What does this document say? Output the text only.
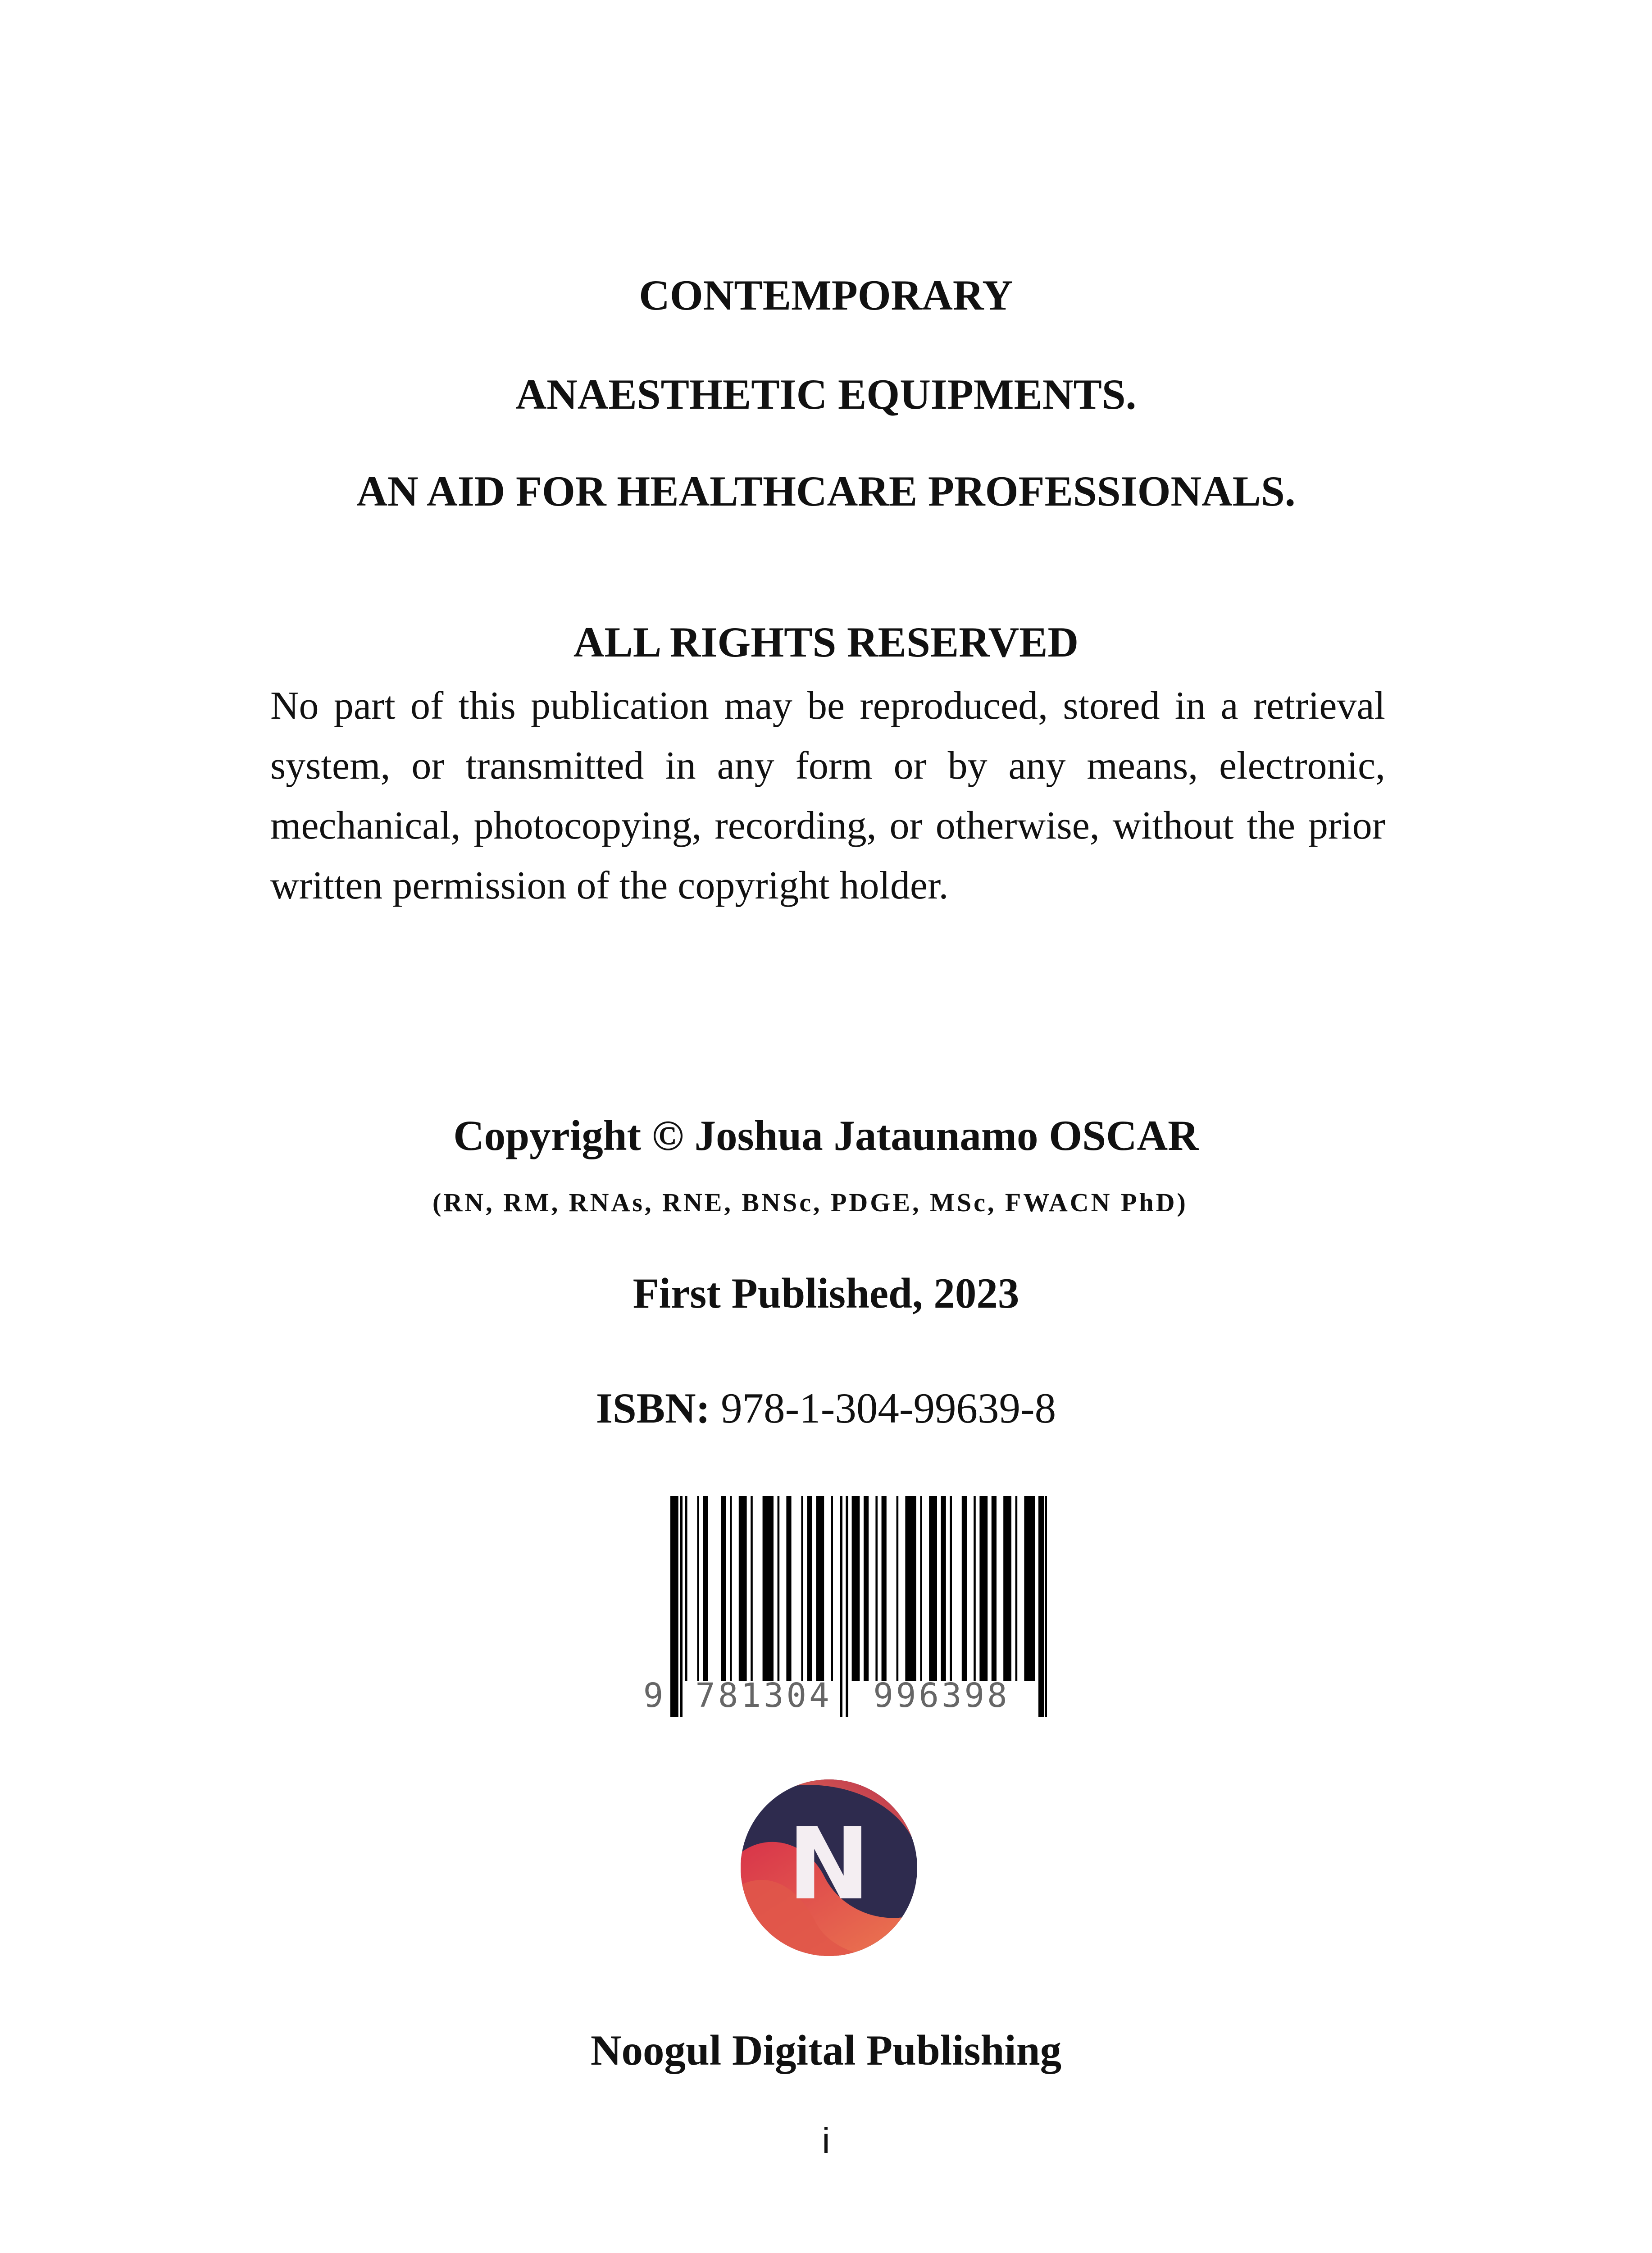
CONTEMPORARY
ANAESTHETIC EQUIPMENTS.
AN AID FOR HEALTHCARE PROFESSIONALS.
ALL RIGHTS RESERVED
No part of this publication may be reproduced, stored in a retrieval system, or transmitted in any form or by any means, electronic, mechanical, photocopying, recording, or otherwise, without the prior written permission of the copyright holder.
Copyright © Joshua Jataunamo OSCAR
(RN, RM, RNAs, RNE, BNSc, PDGE, MSc, FWACN PhD)
First Published, 2023
ISBN: 978-1-304-99639-8
9 781304 996398
N
Noogul Digital Publishing
i
